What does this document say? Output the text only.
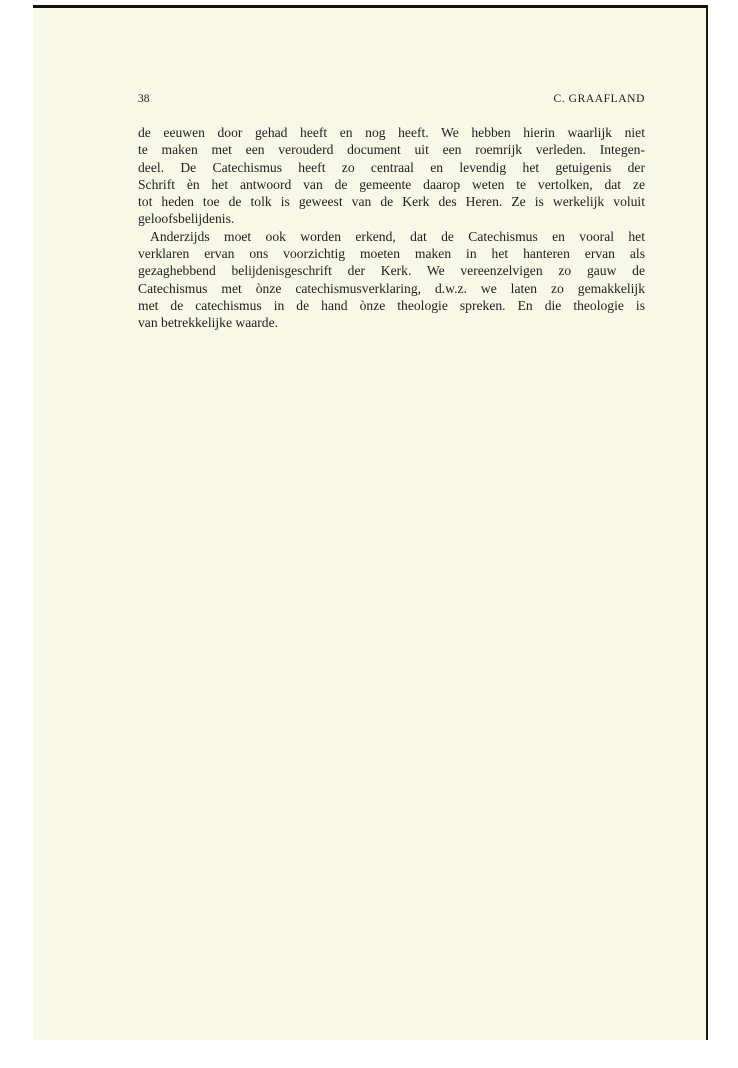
38	C. GRAAFLAND

de eeuwen door gehad heeft en nog heeft. We hebben hierin waarlijk niet
te maken met een verouderd document uit een roemrijk verleden. Integen-
deel. De Catechismus heeft zo centraal en levendig het getuigenis der
Schrift èn het antwoord van de gemeente daarop weten te vertolken, dat ze
tot heden toe de tolk is geweest van de Kerk des Heren. Ze is werkelijk voluit
geloofsbelijdenis.

Anderzijds moet ook worden erkend, dat de Catechismus en vooral het
verklaren ervan ons voorzichtig moeten maken in het hanteren ervan als
gezaghebbend belijdenisgeschrift der Kerk. We vereenzelvigen zo gauw de
Catechismus met ònze catechismusverklaring, d.w.z. we laten zo gemakkelijk
met de catechismus in de hand ònze theologie spreken. En die theologie is
van betrekkelijke waarde.
